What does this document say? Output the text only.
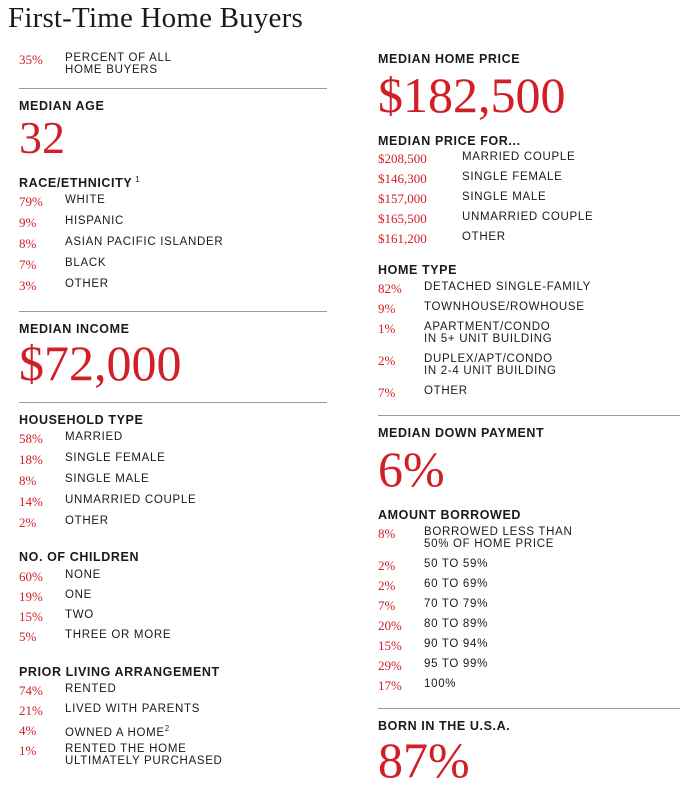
First-Time Home Buyers
35%	PERCENT OF ALL
HOME BUYERS
MEDIAN AGE
32
RACE/ETHNICITY $^1$
79%	WHITE
9%	HISPANIC
8%	ASIAN PACIFIC ISLANDER
7%	BLACK
3%	OTHER
MEDIAN INCOME
$72,000
HOUSEHOLD TYPE
58%	MARRIED
18%	SINGLE FEMALE
8%	SINGLE MALE
14%	UNMARRIED COUPLE
2%	OTHER
NO. OF CHILDREN
60%	NONE
19%	ONE
15%	TWO
5%	THREE OR MORE
PRIOR LIVING ARRANGEMENT
74%	RENTED
21%	LIVED WITH PARENTS
4%	OWNED A HOME$^2$
1%	RENTED THE HOME
ULTIMATELY PURCHASED
MEDIAN HOME PRICE
$182,500
MEDIAN PRICE FOR...
$208,500	MARRIED COUPLE
$146,300	SINGLE FEMALE
$157,000	SINGLE MALE
$165,500	UNMARRIED COUPLE
$161,200	OTHER
HOME TYPE
82%	DETACHED SINGLE-FAMILY
9%	TOWNHOUSE/ROWHOUSE
1%	APARTMENT/CONDO
IN 5+ UNIT BUILDING
2%	DUPLEX/APT/CONDO
IN 2-4 UNIT BUILDING
7%	OTHER
MEDIAN DOWN PAYMENT
6%
AMOUNT BORROWED
8%	BORROWED LESS THAN
50% OF HOME PRICE
2%	50 TO 59%
2%	60 TO 69%
7%	70 TO 79%
20%	80 TO 89%
15%	90 TO 94%
29%	95 TO 99%
17%	100%
BORN IN THE U.S.A.
87%
